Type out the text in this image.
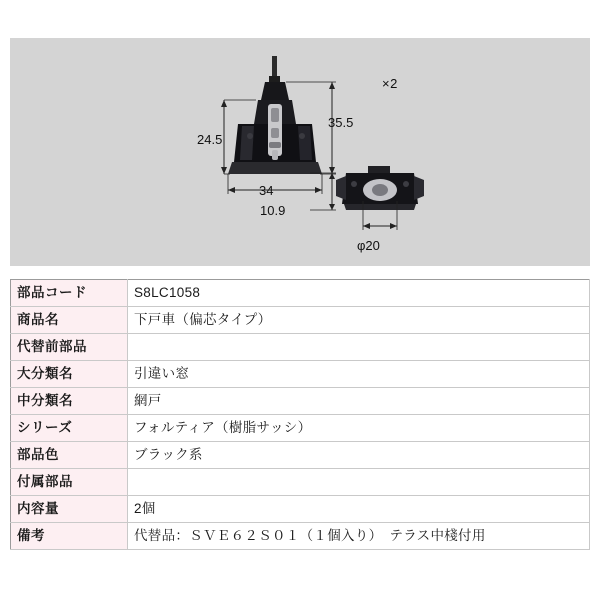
×2
24.5
35.5
34
10.9
φ20
部品コード	S8LC1058
商品名	下戸車（偏芯タイプ）
代替前部品	
大分類名	引違い窓
中分類名	網戸
シリーズ	フォルティア（樹脂サッシ）
部品色	ブラック系
付属部品	
内容量	2個
備考	代替品：ＳＶＥ６２Ｓ０１（１個入り）　テラス中棧付用
